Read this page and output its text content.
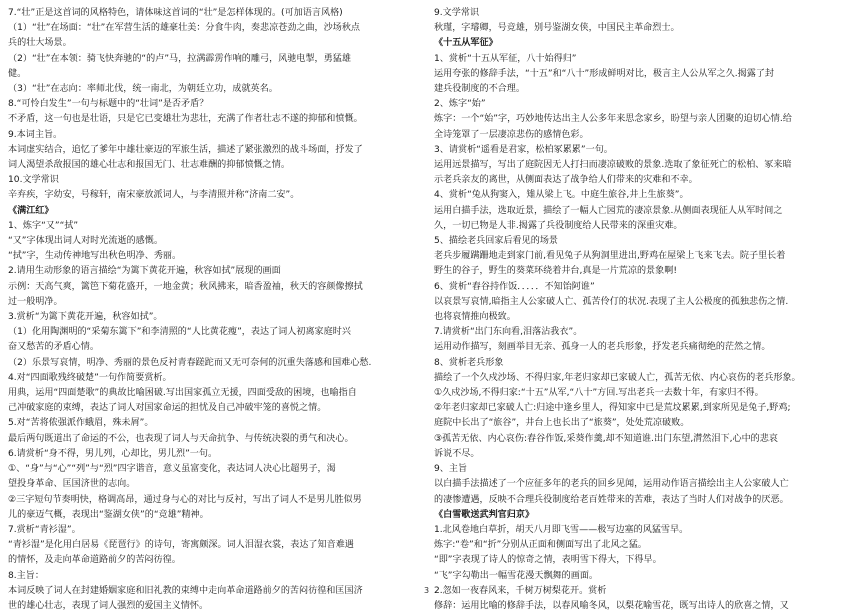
7.“壮”正是这首词的风格特色，请体味这首词的“壮”是怎样体现的。(可加语言风格)
（1）“壮”在场面：“壮”在军营生活的雄豪壮美：分食牛肉，奏悲凉苍劲之曲，沙场秋点
兵的壮大场景。
（2）“壮”在本领：骑飞快奔驰的“的卢”马，拉满霹雳作响的雕弓，风驰电掣，勇猛雄
健。
（3）“壮”在志向：率师北伐，统一南北，为朝廷立功，成就英名。
8.“可怜白发生”一句与标题中的“壮词”是否矛盾？
不矛盾，这一句也是壮语，只是它已变雄壮为悲壮，充满了作者壮志不遂的抑郁和愤慨。
9.本词主旨。
本词虚实结合，追忆了爹年中雄壮豪迈的军旅生活，描述了紧张激烈的战斗场面，抒发了
词人渴望杀敌报国的雄心壮志和报国无门、壮志难酬的抑郁愤慨之情。
10.文学常识
辛弃疾，字幼安，号稼轩，南宋豪放派词人，与李清照并称“济南二安”。
《满江红》
1、炼字“又”“拭”
“又”字体现出词人对时光流逝的感慨。
“拭”字，生动传神地写出秋色明净、秀丽。
2.请用生动形象的语言描绘“为篱下黄花开遍，秋容如拭”展现的画面
示例：天高气爽，篱笆下菊花盛开，一地金黄；秋风拂来，暗香盈袖，秋天的容颜像擦拭
过一般明净。
3.赏析“为篱下黄花开遍，秋容如拭”。
（1）化用陶渊明的“采菊东篱下”和李清照的“人比黄花瘦”，表达了词人初离家庭时兴
奋又愁苦的矛盾心情。
（2）乐景写哀情，明净、秀丽的景色反衬青春蹉跎而又无可奈何的沉重失落感和国难心愁.
4.对“四面歌残终破楚”一句作简要赏析。
用典，运用“四面楚歌”的典故比喻困破.写出国家孤立无援，四面受敌的困境，也喻指自
己冲破家庭的束缚，表达了词人对国家命运的担忧及自己冲破牢笼的喜悦之情。
5.对“苦将侬强派作蛾眉，殊未屑”。
最后两句既道出了命运的不公，也表现了词人与天命抗争、与传统决裂的勇气和决心。
6.请赏析“身不得，男儿列，心却比，男儿烈”一句。
①、“身”与“心”“列”与“烈”四字谐音，意义虽富变化，表达词人决心比超男子，渴
望投身革命、匡国济世的志向。
②三字短句节奏明快，格调高昂，通过身与心的对比与反衬，写出了词人不是男儿胜似男
儿的豪迈气概，表现出“鉴湖女侠”的“竞雄”精神。
7.赏析“青衫湿”。
“青衫湿”是化用白居易《琵琶行》的诗句，寄寓颇深。词人泪湿衣裳，表达了知音难遇
的情怀，及走向革命道路前夕的苦闷彷徨。
8.主旨：
本词反映了词人在封建婚姻家庭和旧礼教的束缚中走向革命道路前夕的苦闷彷徨和匡国济
世的雄心壮志，表现了词人强烈的爱国主义情怀。
9.文学常识
秋瑾，字璿卿，号竞雄，别号鉴湖女侠，中国民主革命烈士。
《十五从军征》
1、赏析“十五从军征，八十始得归”
运用夸张的修辞手法，“十五”和“八十”形成鲜明对比，极言主人公从军之久.揭露了封
建兵役制度的不合理。
2、炼字“始”
炼字：一个“始”字，巧妙地传达出主人公多年来思念家乡，盼望与亲人团聚的迫切心情.给
全诗笼罩了一层凄凉悲伤的感情色彩。
3、请赏析“遥看是君家，松柏冢累累”一句。
运用远景描写，写出了庭院因无人打扫而凄凉破败的景象.选取了象征死亡的松柏、冢来暗
示老兵亲友的离世，从侧面表达了战争给人们带来的灾难和不幸。
4、赏析“兔从狗窦入，雉从梁上飞。中庭生旅谷,井上生旅葵”。
运用白描手法，选取近景，描绘了一幅人亡园荒的凄凉景象.从侧面表现征人从军时间之
久，一切已物是人非.揭露了兵役制度给人民带来的深重灾难。
5、描绘老兵回家后看见的场景
老兵步履蹒跚地走到家门前,看见兔子从狗洞里进出,野鸡在屋梁上飞来飞去。院子里长着
野生的谷子，野生的葵菜环绕着井台,真是一片荒凉的景象啊!
6、赏析“舂谷持作饭．．．．．不知饴阿谁”
以哀景写哀情,暗指主人公家破人亡、孤苦伶仃的状况.表现了主人公极度的孤独悲伤之情.
也将哀情推向极致。
7.请赏析“出门东向看,泪落沾我衣”。
运用动作描写，刻画举目无亲、孤身一人的老兵形象，抒发老兵痛彻绝的茫然之情。
8、赏析老兵形象
描绘了一个久戍沙场、不得归家,年老归家却已家破人亡，孤苦无依、内心哀伤的老兵形象。
①久戍沙场,不得归家:“十五”从军,“八十”方回.写出老兵一去数十年，有家归不得。
②年老归家却已家破人亡:归途中逢乡里人，得知家中已是荒坟累累,到家所见是兔子,野鸡;
庭院中长出了“旅谷”，井台上也长出了“旅葵”，处处荒凉破败。
③孤苦无依、内心哀伤:舂谷作饭,采葵作羹,却不知道谁.出门东望,潸然泪下,心中的悲哀
诉说不尽。
9、主旨
以白描手法描述了一个应征多年的老兵的回乡见闻，运用动作语言描绘出主人公家破人亡
的凄惨遭遇，反映不合理兵役制度给老百姓带来的苦难，表达了当时人们对战争的厌恶。
《白雪歌送武判官归京》
1.北风卷地白草折，胡天八月即飞雪——极写边塞的风猛雪早。
炼字:“卷”和“折”分别从正面和侧面写出了北风之猛。
“即”字表现了诗人的惊奇之情，表明雪下得大，下得早。
“飞”字勾勒出一幅雪花漫天飘舞的画面。
2.忽如一夜春风来，千树万树梨花开。赏析
修辞：运用比喻的修辞手法，以春风喻冬风，以梨花喻雪花，既写出诗人的欣喜之情，又
3
